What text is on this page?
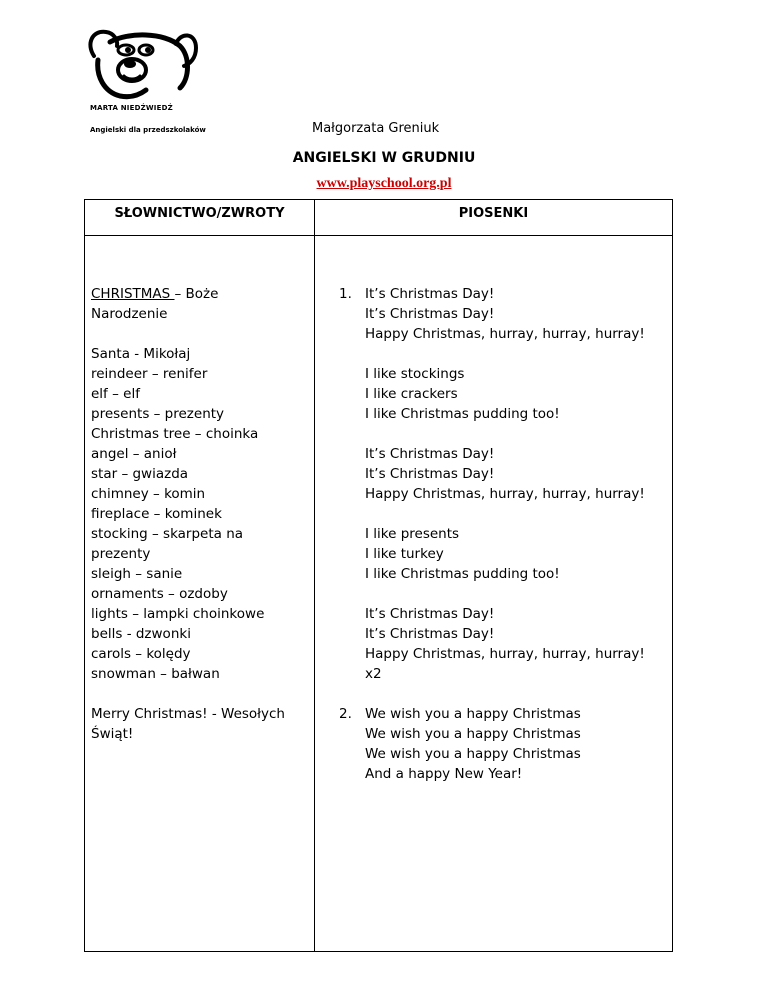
MARTA NIEDŹWIEDŹ
Angielski dla przedszkolaków	Małgorzata Greniuk
ANGIELSKI W GRUDNIU
www.playschool.org.pl
SŁOWNICTWO/ZWROTY	PIOSENKI
CHRISTMAS – Boże
Narodzenie
Santa - Mikołaj
reindeer – renifer
elf – elf
presents – prezenty
Christmas tree – choinka
angel – anioł
star – gwiazda
chimney – komin
fireplace – kominek
stocking – skarpeta na
prezenty
sleigh – sanie
ornaments – ozdoby
lights – lampki choinkowe
bells - dzwonki
carols – kolędy
snowman – bałwan
Merry Christmas! - Wesołych
Świąt!
1. It’s Christmas Day!
It’s Christmas Day!
Happy Christmas, hurray, hurray, hurray!
I like stockings
I like crackers
I like Christmas pudding too!
It’s Christmas Day!
It’s Christmas Day!
Happy Christmas, hurray, hurray, hurray!
I like presents
I like turkey
I like Christmas pudding too!
It’s Christmas Day!
It’s Christmas Day!
Happy Christmas, hurray, hurray, hurray!
x2
2. We wish you a happy Christmas
We wish you a happy Christmas
We wish you a happy Christmas
And a happy New Year!
